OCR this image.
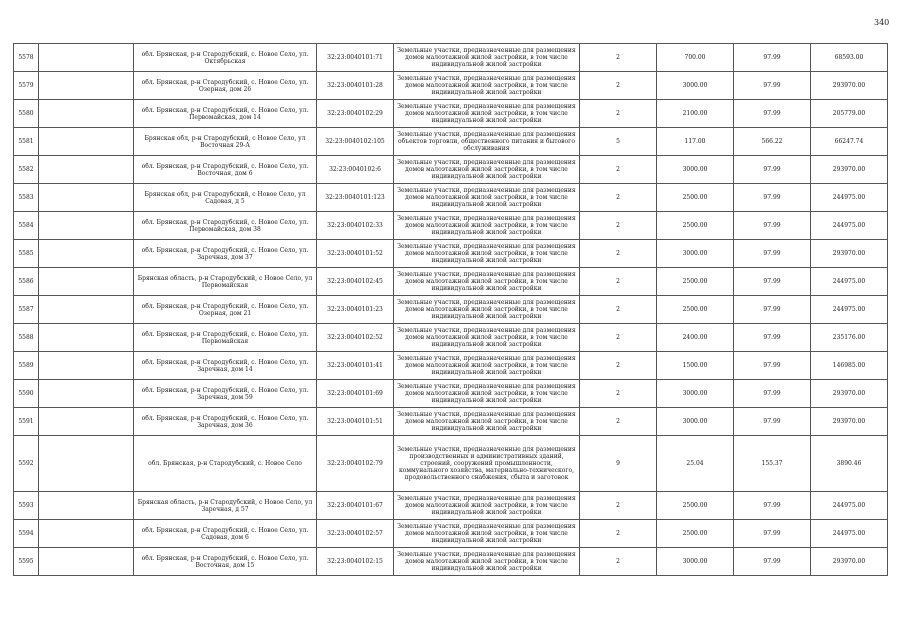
340
5578		обл. Брянская, р-н Стародубский, с. Новое Село, ул. Октябрьская	32:23:0040101:71	Земельные участки, предназначенные для размещения домов малоэтажной жилой застройки, в том числе индивидуальной жилой застройки	2	700.00	97.99	68593.00
5579		обл. Брянская, р-н Стародубский, с. Новое Село, ул. Озерная, дом 26	32:23:0040101:28	Земельные участки, предназначенные для размещения домов малоэтажной жилой застройки, в том числе индивидуальной жилой застройки	2	3000.00	97.99	293970.00
5580		обл. Брянская, р-н Стародубский, с. Новое Село, ул. Первомайская, дом 14	32:23:0040102:29	Земельные участки, предназначенные для размещения домов малоэтажной жилой застройки, в том числе индивидуальной жилой застройки	2	2100.00	97.99	205779.00
5581		Брянская обл, р-н Стародубский, с Новое Село, ул Восточная 29-А	32:23:0040102:105	Земельные участки, предназначенные для размещения объектов торговли, общественного питания и бытового обслуживания	5	117.00	566.22	66247.74
5582		обл. Брянская, р-н Стародубский, с. Новое Село, ул. Восточная, дом 6	32:23:0040102:6	Земельные участки, предназначенные для размещения домов малоэтажной жилой застройки, в том числе индивидуальной жилой застройки	2	3000.00	97.99	293970.00
5583		Брянская обл, р-н Стародубский, с Новое Село, ул Садовая, д 5	32:23:0040101:123	Земельные участки, предназначенные для размещения домов малоэтажной жилой застройки, в том числе индивидуальной жилой застройки	2	2500.00	97.99	244975.00
5584		обл. Брянская, р-н Стародубский, с. Новое Село, ул. Первомайская, дом 38	32:23:0040102:33	Земельные участки, предназначенные для размещения домов малоэтажной жилой застройки, в том числе индивидуальной жилой застройки	2	2500.00	97.99	244975.00
5585		обл. Брянская, р-н Стародубский, с. Новое Село, ул. Заречная, дом 37	32:23:0040101:52	Земельные участки, предназначенные для размещения домов малоэтажной жилой застройки, в том числе индивидуальной жилой застройки	2	3000.00	97.99	293970.00
5586		Брянская область, р-н Стародубский, с Новое Село, ул Первомайская	32:23:0040102:45	Земельные участки, предназначенные для размещения домов малоэтажной жилой застройки, в том числе индивидуальной жилой застройки	2	2500.00	97.99	244975.00
5587		обл. Брянская, р-н Стародубский, с. Новое Село, ул. Озерная, дом 21	32:23:0040101:23	Земельные участки, предназначенные для размещения домов малоэтажной жилой застройки, в том числе индивидуальной жилой застройки	2	2500.00	97.99	244975.00
5588		обл. Брянская, р-н Стародубский, с. Новое Село, ул. Первомайская	32:23:0040102:52	Земельные участки, предназначенные для размещения домов малоэтажной жилой застройки, в том числе индивидуальной жилой застройки	2	2400.00	97.99	235176.00
5589		обл. Брянская, р-н Стародубский, с. Новое Село, ул. Заречная, дом 14	32:23:0040101:41	Земельные участки, предназначенные для размещения домов малоэтажной жилой застройки, в том числе индивидуальной жилой застройки	2	1500.00	97.99	146985.00
5590		обл. Брянская, р-н Стародубский, с. Новое Село, ул. Заречная, дом 59	32:23:0040101:69	Земельные участки, предназначенные для размещения домов малоэтажной жилой застройки, в том числе индивидуальной жилой застройки	2	3000.00	97.99	293970.00
5591		обл. Брянская, р-н Стародубский, с. Новое Село, ул. Заречная, дом 36	32:23:0040101:51	Земельные участки, предназначенные для размещения домов малоэтажной жилой застройки, в том числе индивидуальной жилой застройки	2	3000.00	97.99	293970.00
5592		обл. Брянская, р-н Стародубский, с. Новое Село	32:23:0040102:79	Земельные участки, предназначенные для размещения производственных и административных зданий, строений, сооружений промышленности, коммунального хозяйства, материально-технического, продовольственного снабжения, сбыта и заготовок	9	25.04	155.37	3890.46
5593		Брянская область, р-н Стародубский, с Новое Село, ул Заречная, д 57	32:23:0040101:67	Земельные участки, предназначенные для размещения домов малоэтажной жилой застройки, в том числе индивидуальной жилой застройки	2	2500.00	97.99	244975.00
5594		обл. Брянская, р-н Стародубский, с. Новое Село, ул. Садовая, дом 6	32:23:0040102:57	Земельные участки, предназначенные для размещения домов малоэтажной жилой застройки, в том числе индивидуальной жилой застройки	2	2500.00	97.99	244975.00
5595		обл. Брянская, р-н Стародубский, с. Новое Село, ул. Восточная, дом 15	32:23:0040102:15	Земельные участки, предназначенные для размещения домов малоэтажной жилой застройки, в том числе индивидуальной жилой застройки	2	3000.00	97.99	293970.00
